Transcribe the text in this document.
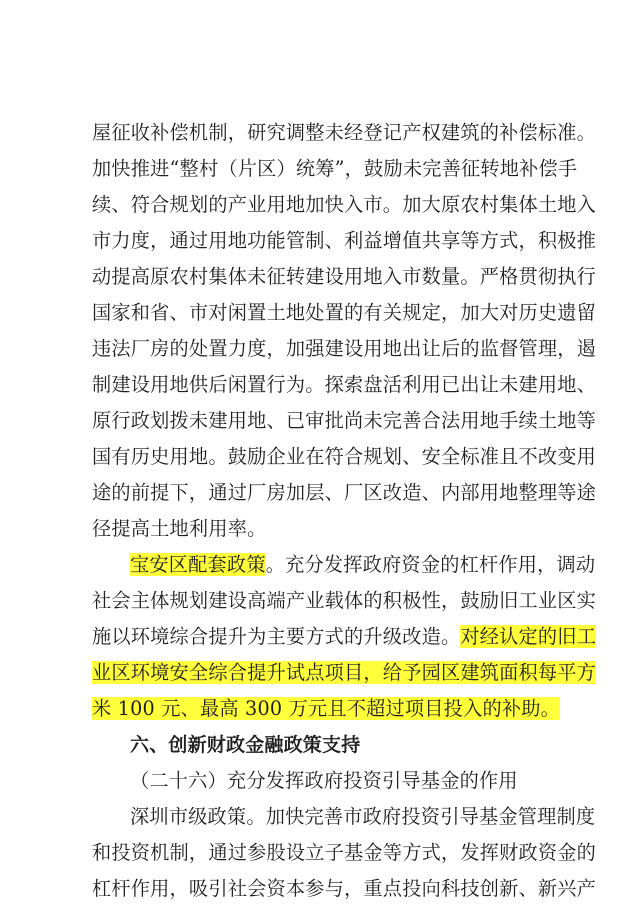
屋征收补偿机制，研究调整未经登记产权建筑的补偿标准。
加快推进“整村（片区）统筹”，鼓励未完善征转地补偿手
续、符合规划的产业用地加快入市。加大原农村集体土地入
市力度，通过用地功能管制、利益增值共享等方式，积极推
动提高原农村集体未征转建设用地入市数量。严格贯彻执行
国家和省、市对闲置土地处置的有关规定，加大对历史遗留
违法厂房的处置力度，加强建设用地出让后的监督管理，遏
制建设用地供后闲置行为。探索盘活利用已出让未建用地、
原行政划拨未建用地、已审批尚未完善合法用地手续土地等
国有历史用地。鼓励企业在符合规划、安全标准且不改变用
途的前提下，通过厂房加层、厂区改造、内部用地整理等途
径提高土地利用率。
宝安区配套政策。充分发挥政府资金的杠杆作用，调动
社会主体规划建设高端产业载体的积极性，鼓励旧工业区实
施以环境综合提升为主要方式的升级改造。对经认定的旧工
业区环境安全综合提升试点项目，给予园区建筑面积每平方
米 100 元、最高 300 万元且不超过项目投入的补助。
六、创新财政金融政策支持
（二十六）充分发挥政府投资引导基金的作用
深圳市级政策。加快完善市政府投资引导基金管理制度
和投资机制，通过参股设立子基金等方式，发挥财政资金的
杠杆作用，吸引社会资本参与，重点投向科技创新、新兴产
